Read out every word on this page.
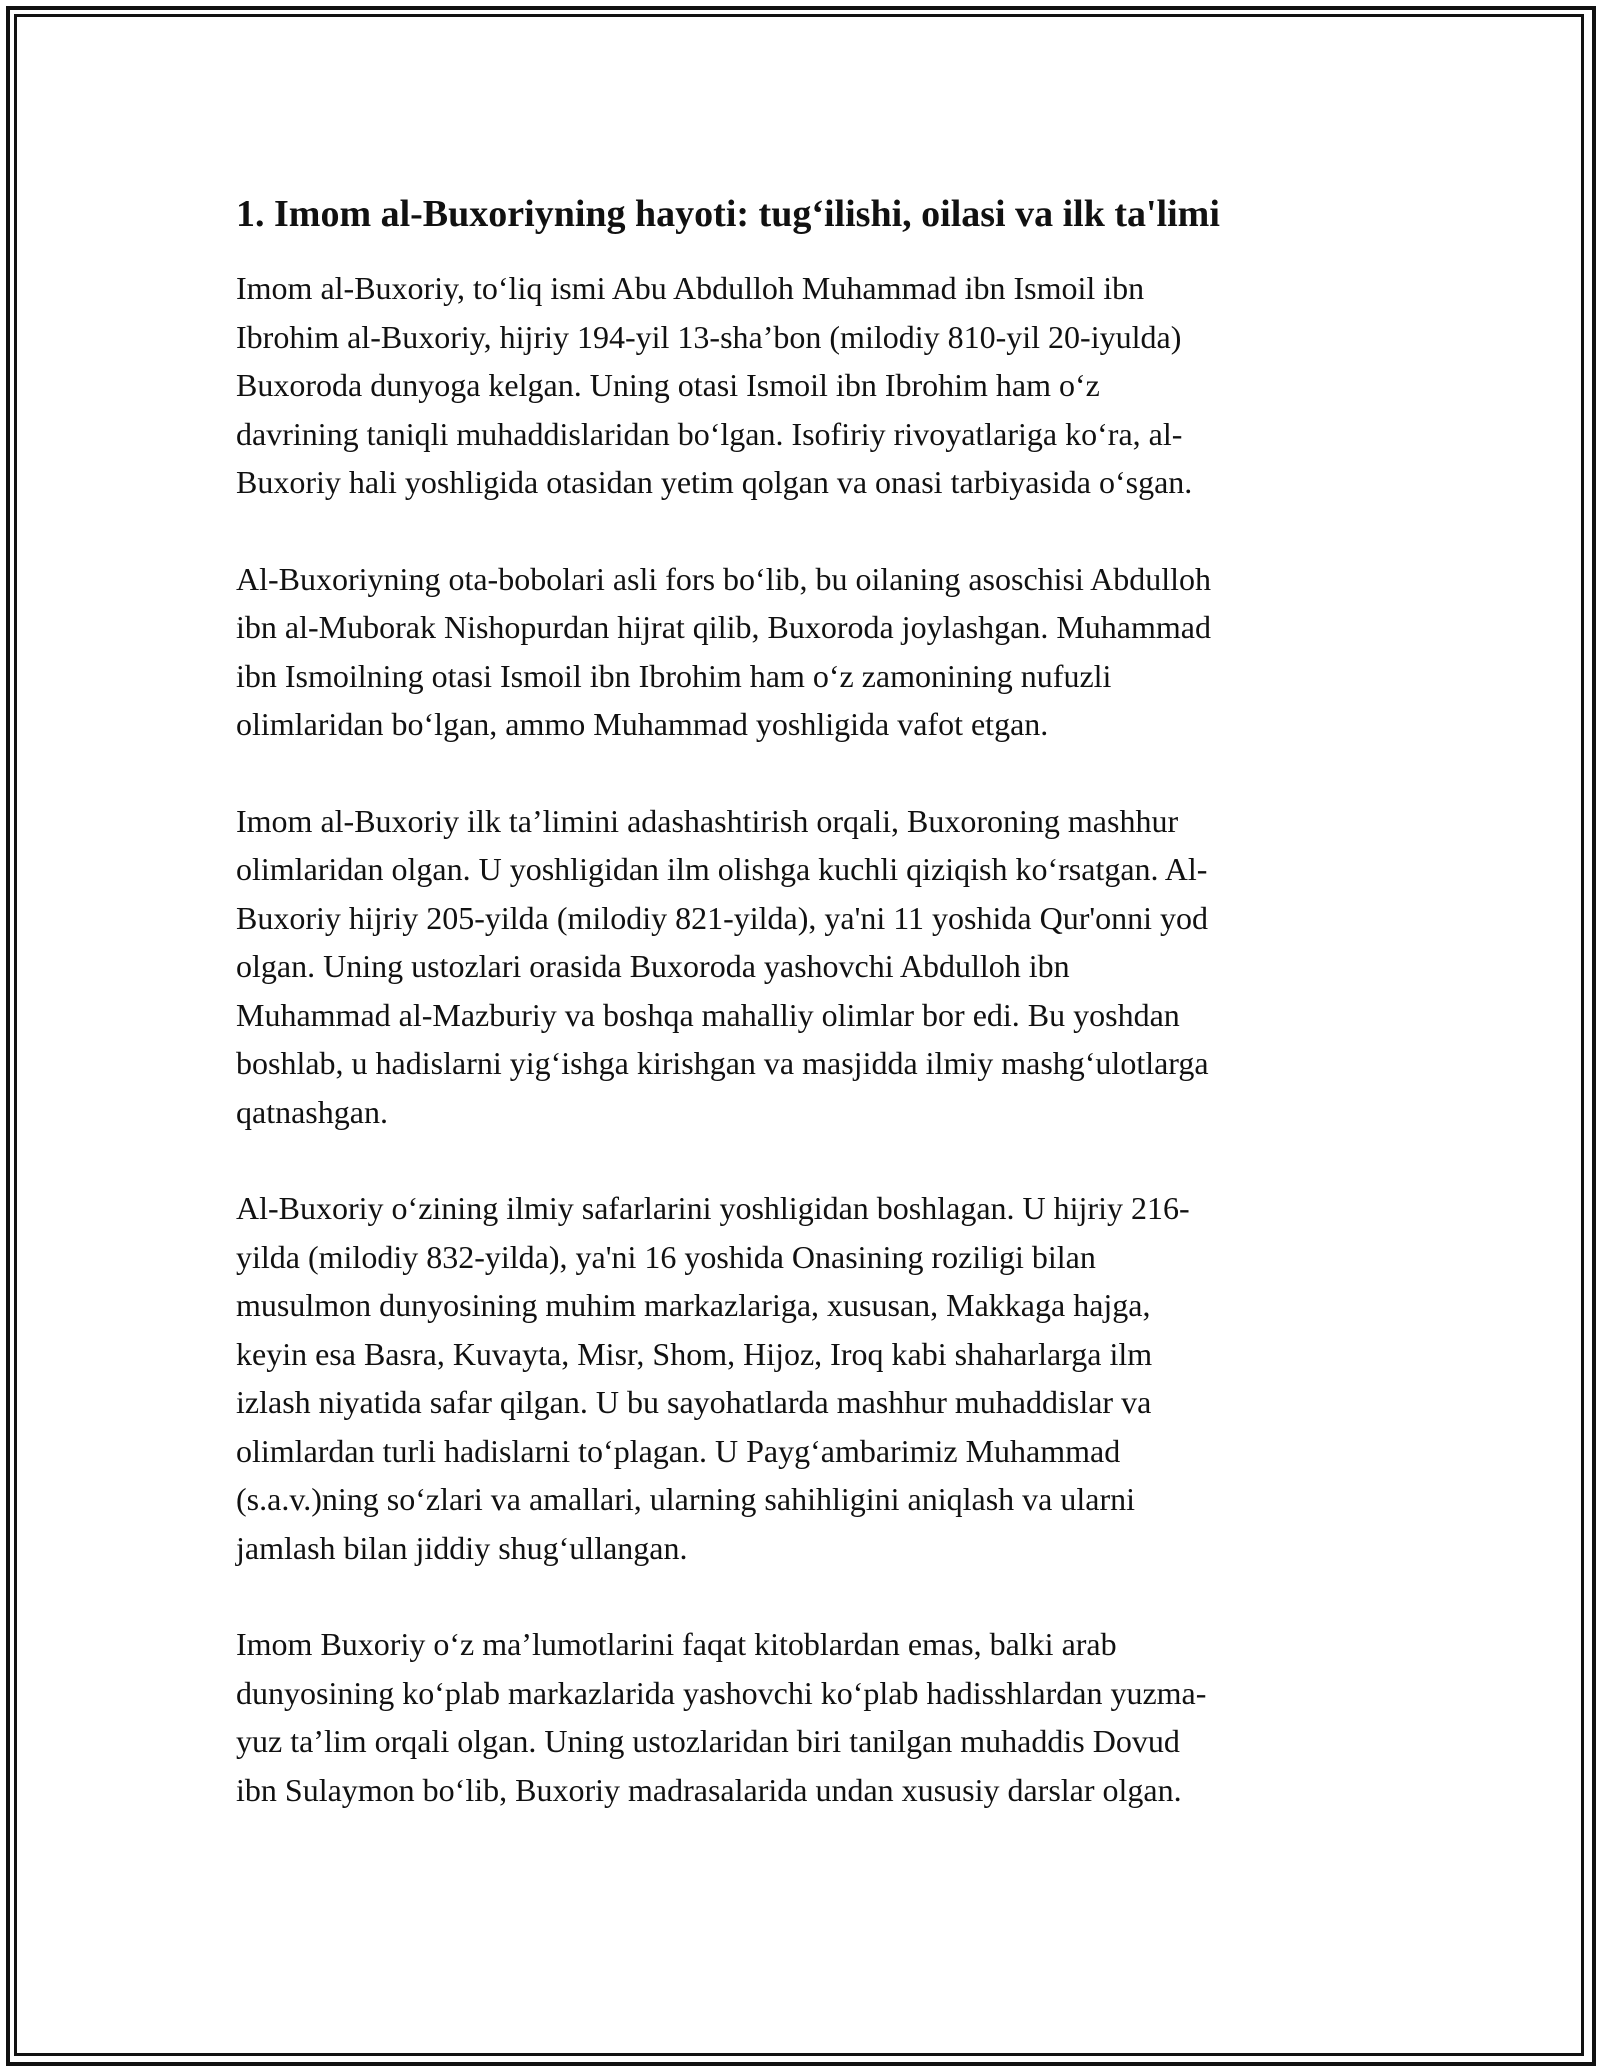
1. Imom al-Buxoriyning hayoti: tug‘ilishi, oilasi va ilk ta'limi

Imom al-Buxoriy, to‘liq ismi Abu Abdulloh Muhammad ibn Ismoil ibn
Ibrohim al-Buxoriy, hijriy 194-yil 13-sha’bon (milodiy 810-yil 20-iyulda)
Buxoroda dunyoga kelgan. Uning otasi Ismoil ibn Ibrohim ham o‘z
davrining taniqli muhaddislaridan bo‘lgan. Isofiriy rivoyatlariga ko‘ra, al-
Buxoriy hali yoshligida otasidan yetim qolgan va onasi tarbiyasida o‘sgan.

Al-Buxoriyning ota-bobolari asli fors bo‘lib, bu oilaning asoschisi Abdulloh
ibn al-Muborak Nishopurdan hijrat qilib, Buxoroda joylashgan. Muhammad
ibn Ismoilning otasi Ismoil ibn Ibrohim ham o‘z zamonining nufuzli
olimlaridan bo‘lgan, ammo Muhammad yoshligida vafot etgan.

Imom al-Buxoriy ilk ta’limini adashashtirish orqali, Buxoroning mashhur
olimlaridan olgan. U yoshligidan ilm olishga kuchli qiziqish ko‘rsatgan. Al-
Buxoriy hijriy 205-yilda (milodiy 821-yilda), ya'ni 11 yoshida Qur'onni yod
olgan. Uning ustozlari orasida Buxoroda yashovchi Abdulloh ibn
Muhammad al-Mazburiy va boshqa mahalliy olimlar bor edi. Bu yoshdan
boshlab, u hadislarni yig‘ishga kirishgan va masjidda ilmiy mashg‘ulotlarga
qatnashgan.

Al-Buxoriy o‘zining ilmiy safarlarini yoshligidan boshlagan. U hijriy 216-
yilda (milodiy 832-yilda), ya'ni 16 yoshida Onasining roziligi bilan
musulmon dunyosining muhim markazlariga, xususan, Makkaga hajga,
keyin esa Basra, Kuvayta, Misr, Shom, Hijoz, Iroq kabi shaharlarga ilm
izlash niyatida safar qilgan. U bu sayohatlarda mashhur muhaddislar va
olimlardan turli hadislarni to‘plagan. U Payg‘ambarimiz Muhammad
(s.a.v.)ning so‘zlari va amallari, ularning sahihligini aniqlash va ularni
jamlash bilan jiddiy shug‘ullangan.

Imom Buxoriy o‘z ma’lumotlarini faqat kitoblardan emas, balki arab
dunyosining ko‘plab markazlarida yashovchi ko‘plab hadisshlardan yuzma-
yuz ta’lim orqali olgan. Uning ustozlaridan biri tanilgan muhaddis Dovud
ibn Sulaymon bo‘lib, Buxoriy madrasalarida undan xususiy darslar olgan.
